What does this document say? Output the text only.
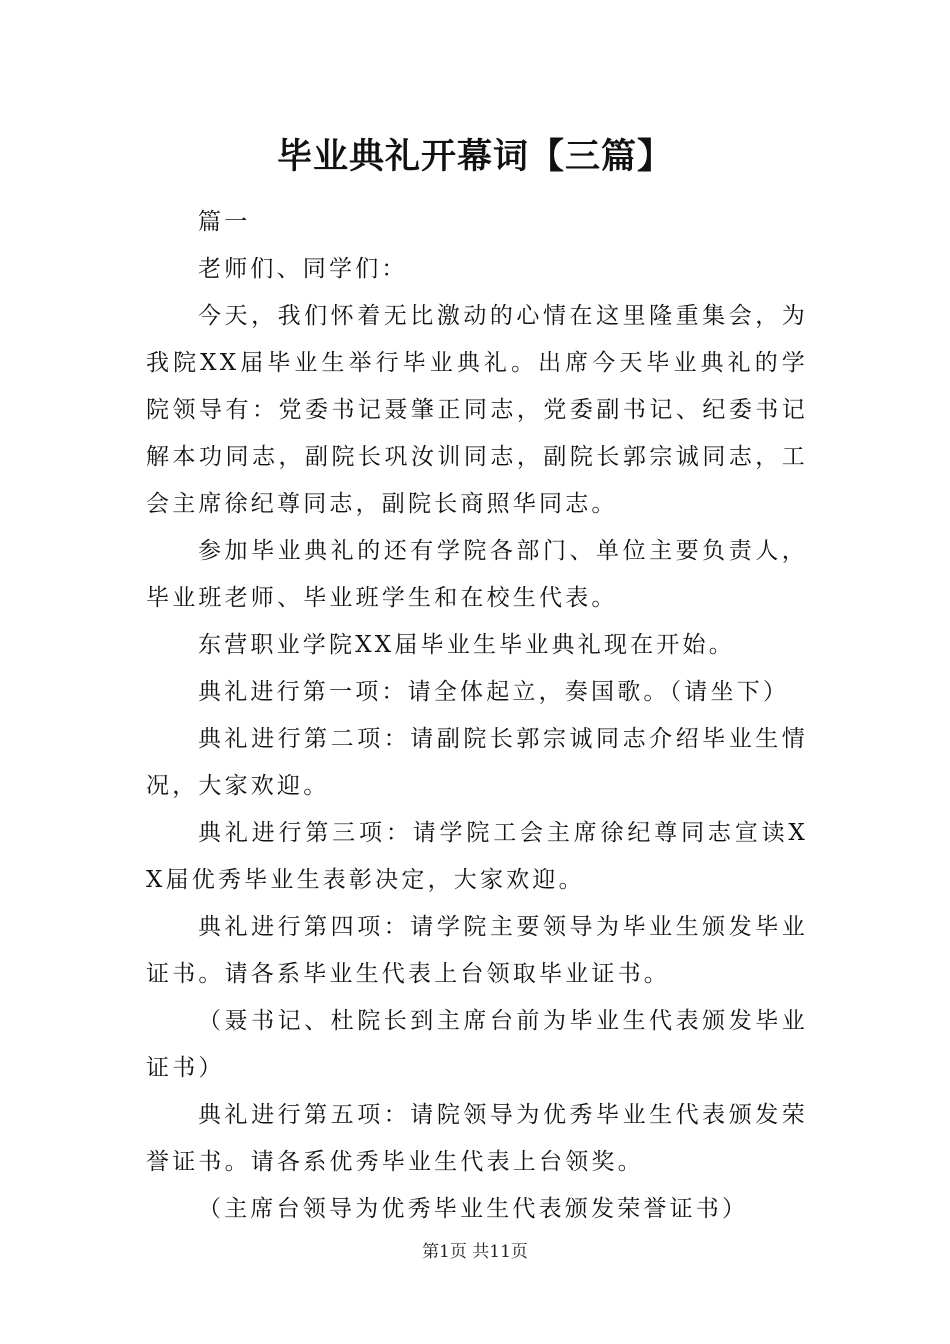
毕业典礼开幕词【三篇】

篇一

老师们、同学们：

今天，我们怀着无比激动的心情在这里隆重集会，为我院XX届毕业生举行毕业典礼。出席今天毕业典礼的学院领导有：党委书记聂肇正同志，党委副书记、纪委书记解本功同志，副院长巩汝训同志，副院长郭宗诚同志，工会主席徐纪尊同志，副院长商照华同志。

参加毕业典礼的还有学院各部门、单位主要负责人，毕业班老师、毕业班学生和在校生代表。

东营职业学院XX届毕业生毕业典礼现在开始。

典礼进行第一项：请全体起立，奏国歌。（请坐下）

典礼进行第二项：请副院长郭宗诚同志介绍毕业生情况，大家欢迎。

典礼进行第三项：请学院工会主席徐纪尊同志宣读XX届优秀毕业生表彰决定，大家欢迎。

典礼进行第四项：请学院主要领导为毕业生颁发毕业证书。请各系毕业生代表上台领取毕业证书。

（聂书记、杜院长到主席台前为毕业生代表颁发毕业证书）

典礼进行第五项：请院领导为优秀毕业生代表颁发荣誉证书。请各系优秀毕业生代表上台领奖。

（主席台领导为优秀毕业生代表颁发荣誉证书）

第1页 共11页
